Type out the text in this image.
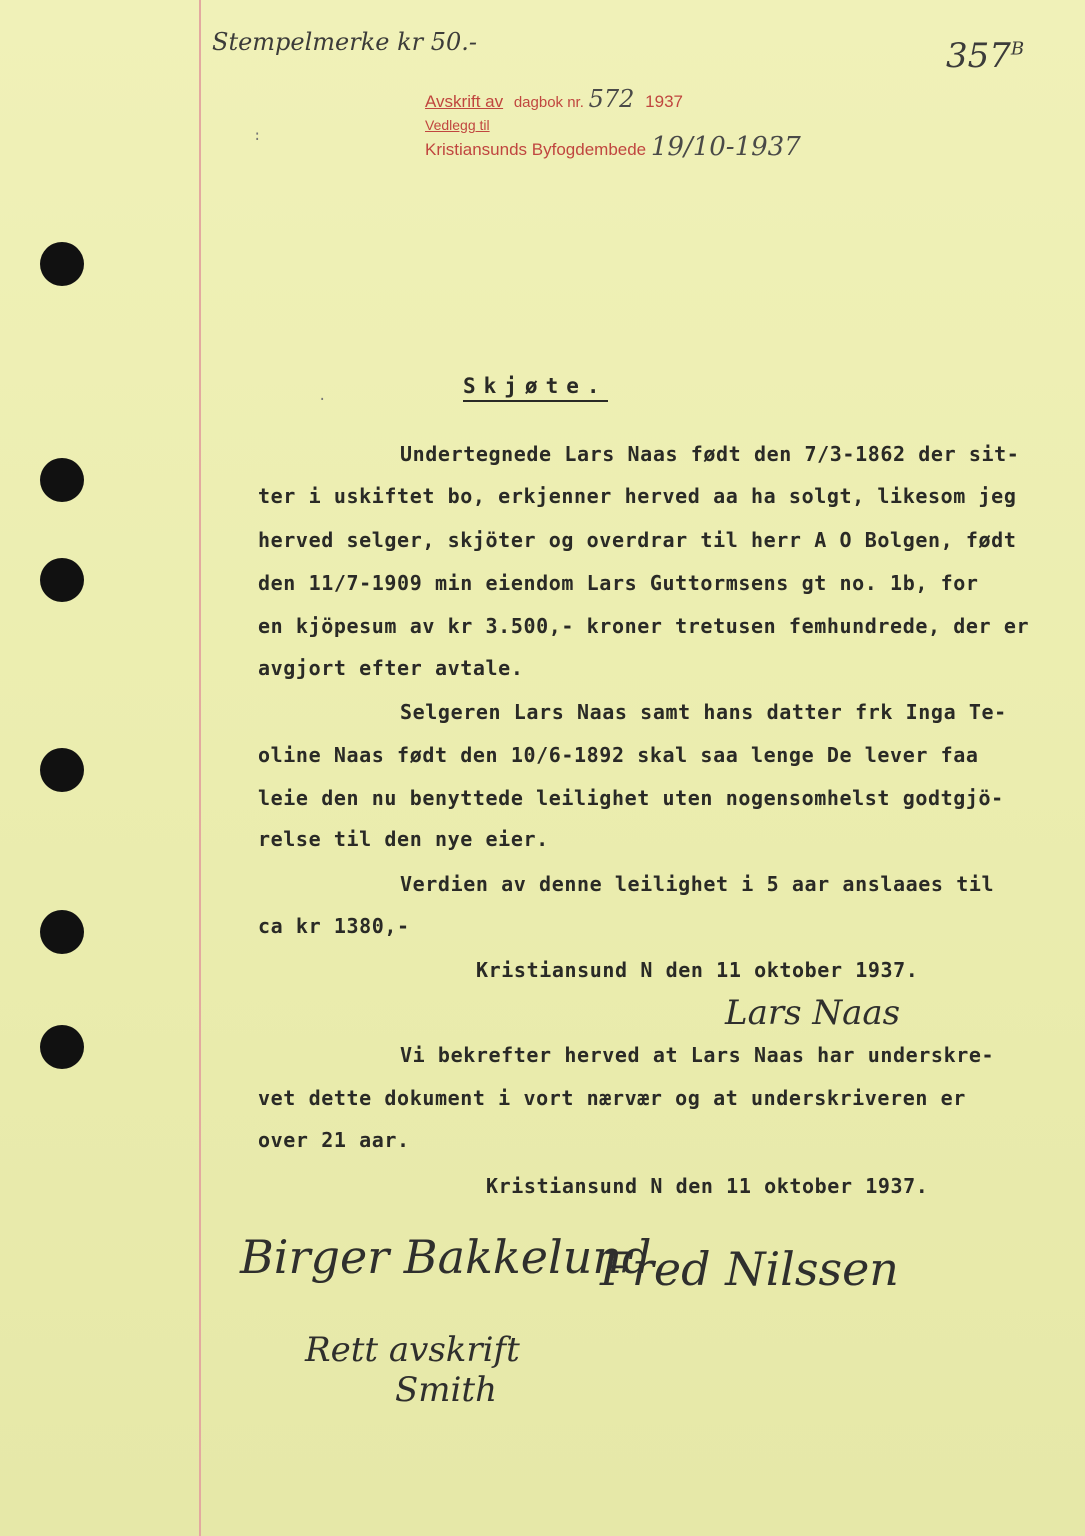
Stempelmerke kr 50.-	$357^B$
Avskrift av dagbok nr. 572 1937
Vedlegg til
Kristiansunds Byfogdembede 19/10-1937
:
.	Skjøte.
Undertegnede Lars Naas født den 7/3-1862 der sit-
ter i uskiftet bo, erkjenner herved aa ha solgt, likesom jeg
herved selger, skjöter og overdrar til herr A O Bolgen, født
den 11/7-1909 min eiendom Lars Guttormsens gt no. 1b, for
en kjöpesum av kr 3.500,- kroner tretusen femhundrede, der er
avgjort efter avtale.
Selgeren Lars Naas samt hans datter frk Inga Te-
oline Naas født den 10/6-1892 skal saa lenge De lever faa
leie den nu benyttede leilighet uten nogensomhelst godtgjö-
relse til den nye eier.
Verdien av denne leilighet i 5 aar anslaaes til
ca kr 1380,-
Kristiansund N den 11 oktober 1937.
Lars Naas
Vi bekrefter herved at Lars Naas har underskre-
vet dette dokument i vort nærvær og at underskriveren er
over 21 aar.
Kristiansund N den 11 oktober 1937.
Birger Bakkelund
Fred Nilssen
Rett avskrift
Smith
